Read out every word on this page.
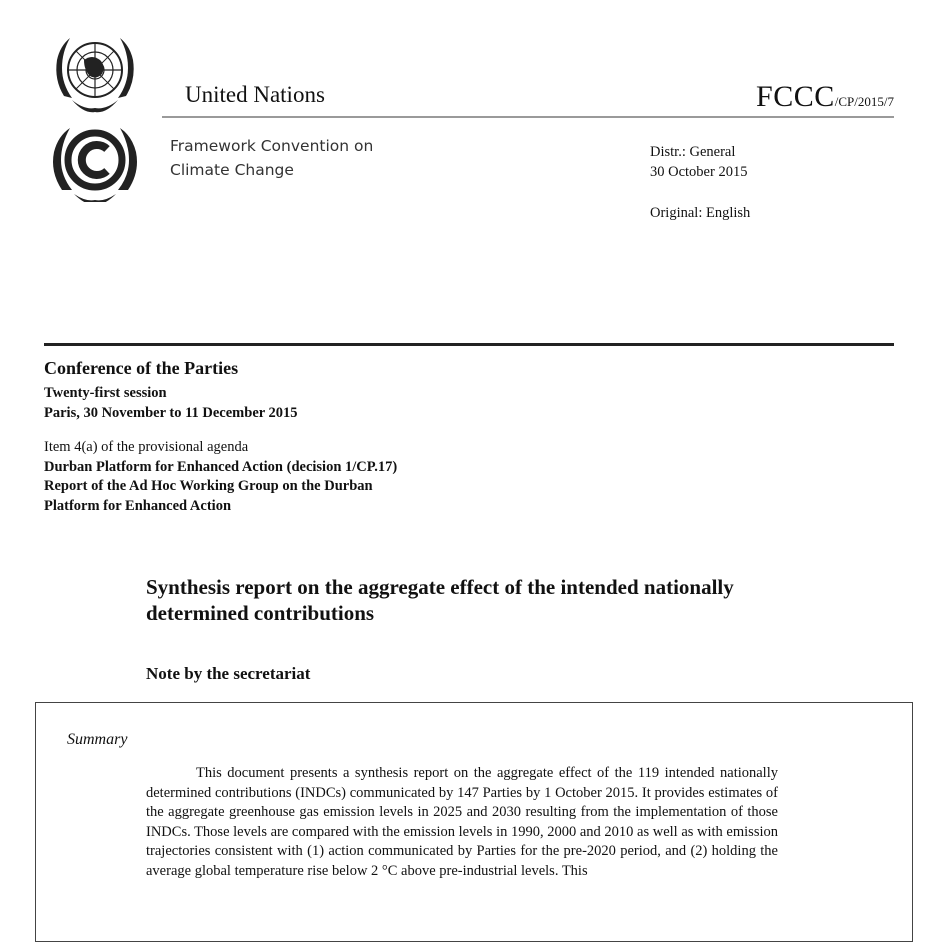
United Nations	FCCC/CP/2015/7
Framework Convention on
Climate Change
Distr.: General
30 October 2015
Original: English
Conference of the Parties
Twenty-first session
Paris, 30 November to 11 December 2015
Item 4(a) of the provisional agenda
Durban Platform for Enhanced Action (decision 1/CP.17)
Report of the Ad Hoc Working Group on the Durban
Platform for Enhanced Action
Synthesis report on the aggregate effect of the intended nationally determined contributions
Note by the secretariat
Summary

This document presents a synthesis report on the aggregate effect of the 119 intended nationally determined contributions (INDCs) communicated by 147 Parties by 1 October 2015. It provides estimates of the aggregate greenhouse gas emission levels in 2025 and 2030 resulting from the implementation of those INDCs. Those levels are compared with the emission levels in 1990, 2000 and 2010 as well as with emission trajectories consistent with (1) action communicated by Parties for the pre-2020 period, and (2) holding the average global temperature rise below 2 °C above pre-industrial levels. This
